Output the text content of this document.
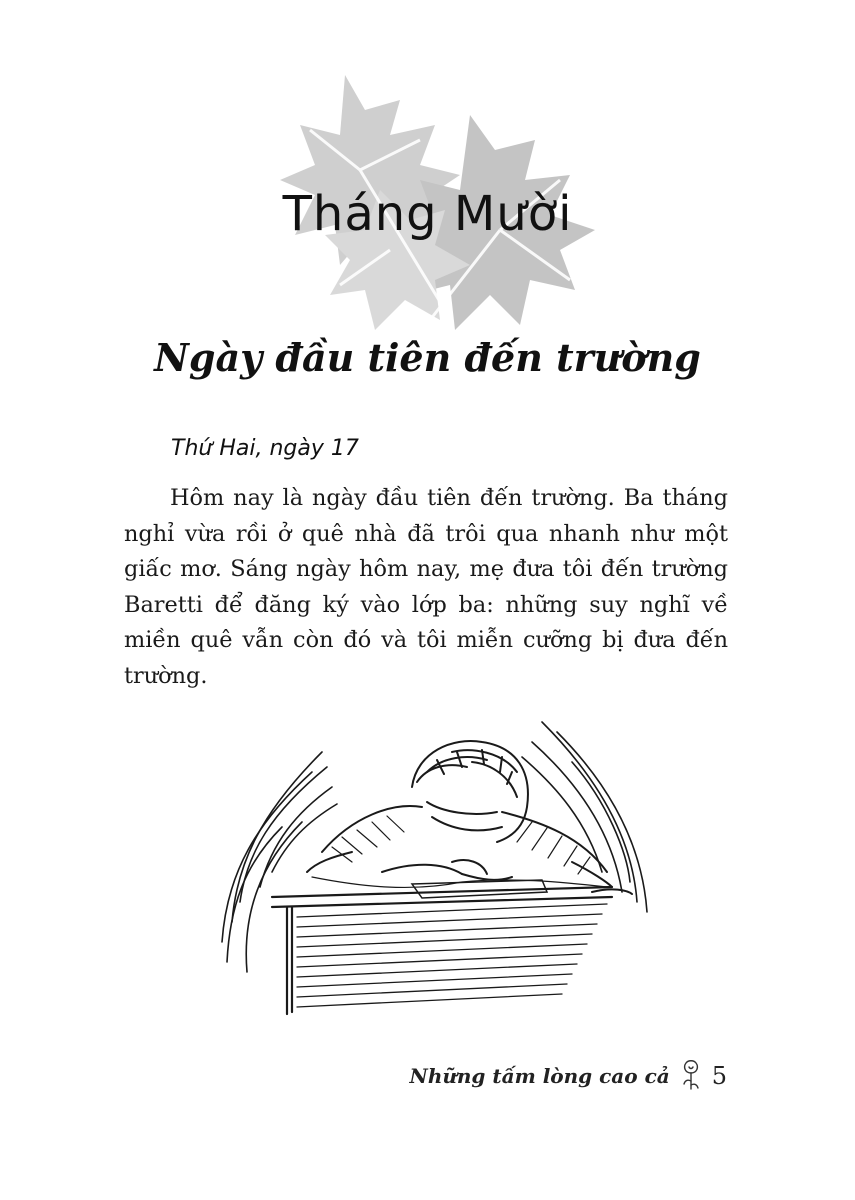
Tháng Mười
Ngày đầu tiên đến trường
Thứ Hai, ngày 17

Hôm nay là ngày đầu tiên đến trường. Ba tháng nghỉ vừa rồi ở quê nhà đã trôi qua nhanh như một giấc mơ. Sáng ngày hôm nay, mẹ đưa tôi đến trường Baretti để đăng ký vào lớp ba: những suy nghĩ về miền quê vẫn còn đó và tôi miễn cưỡng bị đưa đến trường.

Những tấm lòng cao cả 5
